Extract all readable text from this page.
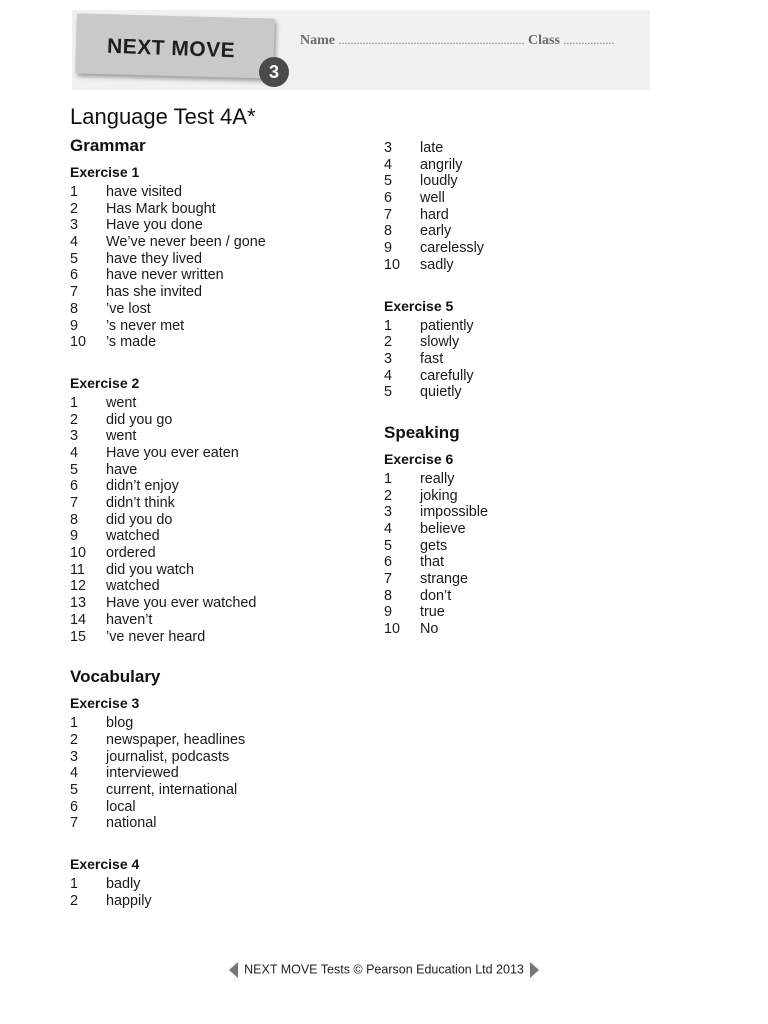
NEXT MOVE
3
Name .............................................................. Class .................
Language Test 4A*
Grammar
Exercise 1
1 have visited
2 Has Mark bought
3 Have you done
4 We’ve never been / gone
5 have they lived
6 have never written
7 has she invited
8 ’ve lost
9 ’s never met
10 ’s made
Exercise 2
1 went
2 did you go
3 went
4 Have you ever eaten
5 have
6 didn’t enjoy
7 didn’t think
8 did you do
9 watched
10 ordered
11 did you watch
12 watched
13 Have you ever watched
14 haven’t
15 ’ve never heard
Vocabulary
Exercise 3
1 blog
2 newspaper, headlines
3 journalist, podcasts
4 interviewed
5 current, international
6 local
7 national
Exercise 4
1 badly
2 happily
3 late
4 angrily
5 loudly
6 well
7 hard
8 early
9 carelessly
10 sadly
Exercise 5
1 patiently
2 slowly
3 fast
4 carefully
5 quietly
Speaking
Exercise 6
1 really
2 joking
3 impossible
4 believe
5 gets
6 that
7 strange
8 don’t
9 true
10 No
NEXT MOVE Tests © Pearson Education Ltd 2013
